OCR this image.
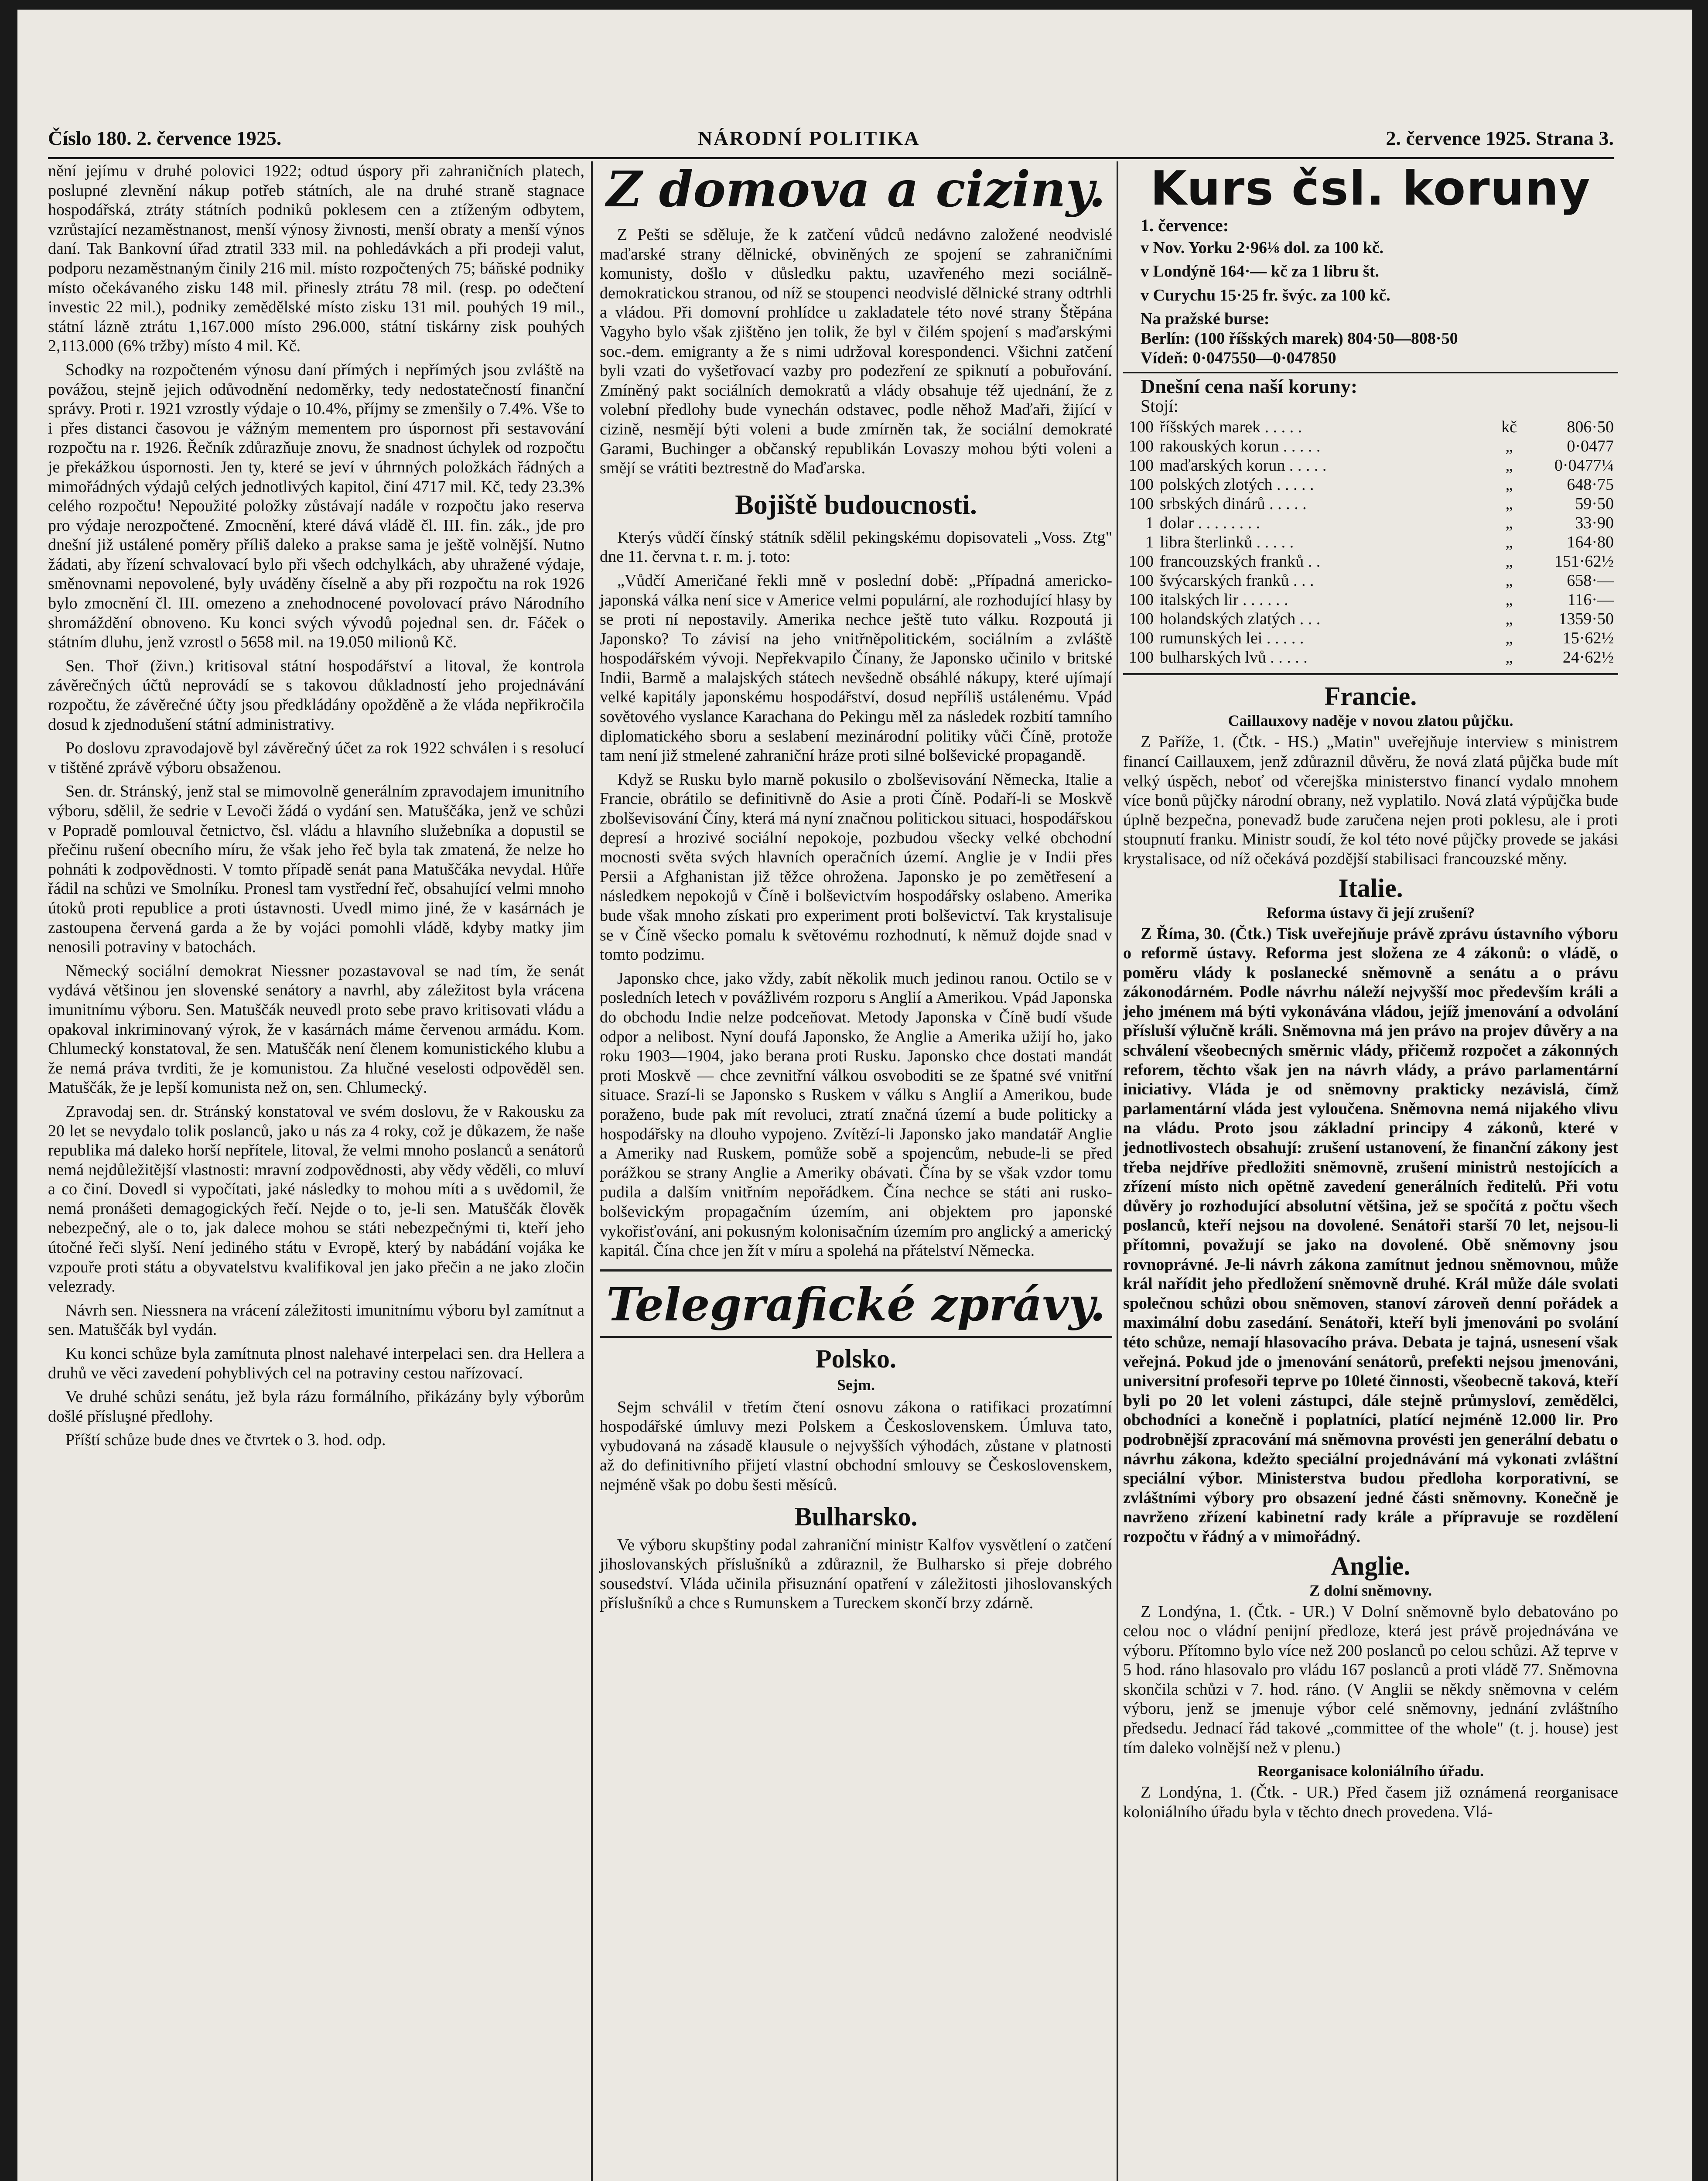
Číslo 180. 2. července 1925.	NÁRODNÍ POLITIKA	2. července 1925. Strana 3.

nění jejímu v druhé polovici 1922; odtud úspory při zahraničních platech, poslupné zlevnění nákup potřeb státních, ale na druhé straně stagnace hospodářská, ztráty státních podniků poklesem cen a ztíženým odbytem, vzrůstající nezaměstnanost, menší výnosy živnosti, menší obraty a menší výnos daní. Tak Bankovní úřad ztratil 333 mil. na pohledávkách a při prodeji valut, podporu nezaměstnaným činily 216 mil. místo rozpočtených 75; báňské podniky místo očekávaného zisku 148 mil. přinesly ztrátu 78 mil. (resp. po odečtení investic 22 mil.), podniky zemědělské místo zisku 131 mil. pouhých 19 mil., státní lázně ztrátu 1,167.000 místo 296.000, státní tiskárny zisk pouhých 2,113.000 (6% tržby) místo 4 mil. Kč.

Schodky na rozpočteném výnosu daní přímých i nepřímých jsou zvláště na povážou, stejně jejich odůvodnění nedoměrky, tedy nedostatečností finanční správy. Proti r. 1921 vzrostly výdaje o 10.4%, příjmy se zmenšily o 7.4%. Vše to i přes distanci časovou je vážným mementem pro úspornost při sestavování rozpočtu na r. 1926. Řečník zdůrazňuje znovu, že snadnost úchylek od rozpočtu je překážkou úspornosti. Jen ty, které se jeví v úhrnných položkách řádných a mimořádných výdajů celých jednotlivých kapitol, činí 4717 mil. Kč, tedy 23.3% celého rozpočtu! Nepoužité položky zůstávají nadále v rozpočtu jako reserva pro výdaje nerozpočtené. Zmocnění, které dává vládě čl. III. fin. zák., jde pro dnešní již ustálené poměry příliš daleko a prakse sama je ještě volnější. Nutno žádati, aby řízení schvalovací bylo při všech odchylkách, aby uhražené výdaje, směnovnami nepovolené, byly uváděny číselně a aby při rozpočtu na rok 1926 bylo zmocnění čl. III. omezeno a znehodnocené povolovací právo Národního shromáždění obnoveno. Ku konci svých vývodů pojednal sen. dr. Fáček o státním dluhu, jenž vzrostl o 5658 mil. na 19.050 milionů Kč.

Sen. Thoř (živn.) kritisoval státní hospodářství a litoval, že kontrola závěrečných účtů neprovádí se s takovou důkladností jeho projednávání rozpočtu, že závěrečné účty jsou předkládány opožděně a že vláda nepřikročila dosud k zjednodušení státní administrativy.

Po doslovu zpravodajově byl závěrečný účet za rok 1922 schválen i s resolucí v tištěné zprávě výboru obsaženou.

Sen. dr. Stránský, jenž stal se mimovolně generálním zpravodajem imunitního výboru, sdělil, že sedrie v Levoči žádá o vydání sen. Matuščáka, jenž ve schůzi v Popradě pomlouval četnictvo, čsl. vládu a hlavního služebníka a dopustil se přečinu rušení obecního míru, že však jeho řeč byla tak zmatená, že nelze ho pohnáti k zodpovědnosti. V tomto případě senát pana Matuščáka nevydal. Hůře řádil na schůzi ve Smolníku. Pronesl tam vystřední řeč, obsahující velmi mnoho útoků proti republice a proti ústavnosti. Uvedl mimo jiné, že v kasárnách je zastoupena červená garda a že by vojáci pomohli vládě, kdyby matky jim nenosili potraviny v batochách.

Německý sociální demokrat Niessner pozastavoval se nad tím, že senát vydává většinou jen slovenské senátory a navrhl, aby záležitost byla vrácena imunitnímu výboru. Sen. Matuščák neuvedl proto sebe pravo kritisovati vládu a opakoval inkriminovaný výrok, že v kasárnách máme červenou armádu. Kom. Chlumecký konstatoval, že sen. Matuščák není členem komunistického klubu a že nemá práva tvrditi, že je komunistou. Za hlučné veselosti odpověděl sen. Matuščák, že je lepší komunista než on, sen. Chlumecký.

Zpravodaj sen. dr. Stránský konstatoval ve svém doslovu, že v Rakousku za 20 let se nevydalo tolik poslanců, jako u nás za 4 roky, což je důkazem, že naše republika má daleko horší nepřítele, litoval, že velmi mnoho poslanců a senátorů nemá nejdůležitější vlastnosti: mravní zodpovědnosti, aby vědy věděli, co mluví a co činí. Dovedl si vypočítati, jaké následky to mohou míti a s uvědomil, že nemá pronášeti demagogických řečí. Nejde o to, je-li sen. Matuščák člověk nebezpečný, ale o to, jak dalece mohou se státi nebezpečnými ti, kteří jeho útočné řeči slyší. Není jediného státu v Evropě, který by nabádání vojáka ke vzpouře proti státu a obyvatelstvu kvalifikoval jen jako přečin a ne jako zločin velezrady.

Návrh sen. Niessnera na vrácení záležitosti imunitnímu výboru byl zamítnut a sen. Matuščák byl vydán.

Ku konci schůze byla zamítnuta plnost nalehavé interpelaci sen. dra Hellera a druhů ve věci zavedení pohyblivých cel na potraviny cestou nařízovací.

Ve druhé schůzi senátu, jež byla rázu formálního, přikázány byly výborům došlé přísluşné předlohy.

Příští schůze bude dnes ve čtvrtek o 3. hod. odp.

Z domova a ciziny.

Z Pešti se sděluje, že k zatčení vůdců nedávno založené neodvislé maďarské strany dělnické, obviněných ze spojení se zahraničními komunisty, došlo v důsledku paktu, uzavřeného mezi sociálně-demokratickou stranou, od níž se stoupenci neodvislé dělnické strany odtrhli a vládou. Při domovní prohlídce u zakladatele této nové strany Štěpána Vagyho bylo však zjištěno jen tolik, že byl v čilém spojení s maďarskými soc.-dem. emigranty a že s nimi udržoval korespondenci. Všichni zatčení byli vzati do vyšetřovací vazby pro podezření ze spiknutí a pobuřování. Zmíněný pakt sociálních demokratů a vlády obsahuje též ujednání, že z volební předlohy bude vynechán odstavec, podle něhož Maďaři, žijící v cizině, nesmějí býti voleni a bude zmírněn tak, že sociální demokraté Garami, Buchinger a občanský republikán Lovaszy mohou býti voleni a smějí se vrátiti beztrestně do Maďarska.

Bojiště budoucnosti.

Kterýs vůdčí čínský státník sdělil pekingskému dopisovateli „Voss. Ztg" dne 11. června t. r. m. j. toto:

„Vůdčí Američané řekli mně v poslední době: „Případná americko-japonská válka není sice v Americe velmi populární, ale rozhodující hlasy by se proti ní nepostavily. Amerika nechce ještě tuto válku. Rozpoutá ji Japonsko? To závisí na jeho vnitřněpolitickém, sociálním a zvláště hospodářském vývoji. Nepřekvapilo Čínany, že Japonsko učinilo v britské Indii, Barmě a malajských státech nevšedně obsáhlé nákupy, které ujímají velké kapitály japonskému hospodářství, dosud nepříliš ustálenému. Vpád sovětového vyslance Karachana do Pekingu měl za následek rozbití tamního diplomatického sboru a seslabení mezinárodní politiky vůči Číně, protože tam není již stmelené zahraniční hráze proti silné bolševické propagandě.

Když se Rusku bylo marně pokusilo o zbolševisování Německa, Italie a Francie, obrátilo se definitivně do Asie a proti Číně. Podaří-li se Moskvě zbolševisování Číny, která má nyní značnou politickou situaci, hospodářskou depresí a hrozivé sociální nepokoje, pozbudou všecky velké obchodní mocnosti světa svých hlavních operačních území. Anglie je v Indii přes Persii a Afghanistan již těžce ohrožena. Japonsko je po zemětřesení a následkem nepokojů v Číně i bolševictvím hospodářsky oslabeno. Amerika bude však mnoho získati pro experiment proti bolševictví. Tak krystalisuje se v Číně všecko pomalu k světovému rozhodnutí, k němuž dojde snad v tomto podzimu.

Japonsko chce, jako vždy, zabít několik much jedinou ranou. Octilo se v posledních letech v povážlivém rozporu s Anglií a Amerikou. Vpád Japonska do obchodu Indie nelze podceňovat. Metody Japonska v Číně budí všude odpor a nelibost. Nyní doufá Japonsko, že Anglie a Amerika užijí ho, jako roku 1903—1904, jako berana proti Rusku. Japonsko chce dostati mandát proti Moskvě — chce zevnitřní válkou osvoboditi se ze špatné své vnitřní situace. Srazí-li se Japonsko s Ruskem v válku s Anglií a Amerikou, bude poraženo, bude pak mít revoluci, ztratí značná území a bude politicky a hospodářsky na dlouho vypojeno. Zvítězí-li Japonsko jako mandatář Anglie a Ameriky nad Ruskem, pomůže sobě a spojencům, nebude-li se před porážkou se strany Anglie a Ameriky obávati. Čína by se však vzdor tomu pudila a dalším vnitřním nepořádkem. Čína nechce se státi ani rusko-bolševickým propagačním územím, ani objektem pro japonské vykořisťování, ani pokusným kolonisačním územím pro anglický a americký kapitál. Čína chce jen žít v míru a spolehá na přátelství Německa.

Telegrafické zprávy.
Polsko.
Sejm.

Sejm schválil v třetím čtení osnovu zákona o ratifikaci prozatímní hospodářské úmluvy mezi Polskem a Československem. Úmluva tato, vybudovaná na zásadě klausule o nejvyšších výhodách, zůstane v platnosti až do definitivního přijetí vlastní obchodní smlouvy se Československem, nejméně však po dobu šesti měsíců.

Bulharsko.

Ve výboru skupštiny podal zahraniční ministr Kalfov vysvětlení o zatčení jihoslovanských příslušníků a zdůraznil, že Bulharsko si přeje dobrého sousedství. Vláda učinila přisuznání opatření v záležitosti jihoslovanských příslušníků a chce s Rumunskem a Tureckem skončí brzy zdárně.

Kurs čsl. koruny

1. července:

v Nov. Yorku 2·96⅛ dol. za 100 kč.

v Londýně 164·— kč za 1 libru št.

v Curychu 15·25 fr. švýc. za 100 kč.

Na pražské burse:

Berlín: (100 říšských marek) 804·50—808·50

Vídeň: 0·047550—0·047850

Dnešní cena naší koruny:

Stojí:

100 říšských marek . . . . .	kč	806·50
100 rakouských korun . . . . .	„	0·0477
100 maďarských korun . . . . .	„	0·0477¼
100 polských zlotých . . . . .	„	648·75
100 srbských dinárů . . . . .	„	59·50
1 dolar . . . . . . . .	„	33·90
1 libra šterlinků . . . . .	„	164·80
100 francouzských franků . .	„	151·62½
100 švýcarských franků . . .	„	658·—
100 italských lir . . . . . .	„	116·—
100 holandských zlatých . . .	„	1359·50
100 rumunských lei . . . . .	„	15·62½
100 bulharských lvů . . . . .	„	24·62½
Francie.
Caillauxovy naděje v novou zlatou půjčku.

Z Paříže, 1. (Čtk. - HS.) „Matin" uveřejňuje interview s ministrem financí Caillauxem, jenž zdůraznil důvěru, že nová zlatá půjčka bude mít velký úspěch, neboť od včerejška ministerstvo financí vydalo mnohem více bonů půjčky národní obrany, než vyplatilo. Nová zlatá výpůjčka bude úplně bezpečna, ponevadž bude zaručena nejen proti poklesu, ale i proti stoupnutí franku. Ministr soudí, že kol této nové půjčky provede se jakási krystalisace, od níž očekává pozdější stabilisaci francouzské měny.

Italie.
Reforma ústavy či její zrušení?

Z Říma, 30. (Čtk.) Tisk uveřejňuje právě zprávu ústavního výboru o reformě ústavy. Reforma jest složena ze 4 zákonů: o vládě, o poměru vlády k poslanecké sněmovně a senátu a o právu zákonodárném. Podle návrhu náleží nejvyšší moc především králi a jeho jménem má býti vykonávána vládou, jejíž jmenování a odvolání přísluší výlučně králi. Sněmovna má jen právo na projev důvěry a na schválení všeobecných směrnic vlády, přičemž rozpočet a zákonných reforem, těchto však jen na návrh vlády, a právo parlamentární iniciativy. Vláda je od sněmovny prakticky nezávislá, čímž parlamentární vláda jest vyloučena. Sněmovna nemá nijakého vlivu na vládu. Proto jsou základní principy 4 zákonů, které v jednotlivostech obsahují: zrušení ustanovení, že finanční zákony jest třeba nejdříve předložiti sněmovně, zrušení ministrů nestojících a zřízení místo nich opětně zavedení generálních ředitelů. Při votu důvěry jo rozhodující absolutní většina, jež se spočítá z počtu všech poslanců, kteří nejsou na dovolené. Senátoři starší 70 let, nejsou-li přítomni, považují se jako na dovolené. Obě sněmovny jsou rovnoprávné. Je-li návrh zákona zamítnut jednou sněmovnou, může král nařídit jeho předložení sněmovně druhé. Král může dále svolati společnou schůzi obou sněmoven, stanoví zároveň denní pořádek a maximální dobu zasedání. Senátoři, kteří byli jmenováni po svolání této schůze, nemají hlasovacího práva. Debata je tajná, usnesení však veřejná. Pokud jde o jmenování senátorů, prefekti nejsou jmenováni, universitní profesoři teprve po 10leté činnosti, všeobecně taková, kteří byli po 20 let voleni zástupci, dále stejně průmysloví, zemědělci, obchodníci a konečně i poplatníci, platící nejméně 12.000 lir. Pro podrobnější zpracování má sněmovna provésti jen generální debatu o návrhu zákona, kdežto speciální projednávání má vykonati zvláštní speciální výbor. Ministerstva budou předloha korporativní, se zvláštními výbory pro obsazení jedné části sněmovny. Konečně je navrženo zřízení kabinetní rady krále a přípravuje se rozdělení rozpočtu v řádný a v mimořádný.

Anglie.
Z dolní sněmovny.

Z Londýna, 1. (Čtk. - UR.) V Dolní sněmovně bylo debatováno po celou noc o vládní penijní předloze, která jest právě projednávána ve výboru. Přítomno bylo více než 200 poslanců po celou schůzi. Až teprve v 5 hod. ráno hlasovalo pro vládu 167 poslanců a proti vládě 77. Sněmovna skončila schůzi v 7. hod. ráno. (V Anglii se někdy sněmovna v celém výboru, jenž se jmenuje výbor celé sněmovny, jednání zvláštního předsedu. Jednací řád takové „committee of the whole" (t. j. house) jest tím daleko volnější než v plenu.)

Reorganisace koloniálního úřadu.

Z Londýna, 1. (Čtk. - UR.) Před časem již oznámená reorganisace koloniálního úřadu byla v těchto dnech provedena. Vlá-
